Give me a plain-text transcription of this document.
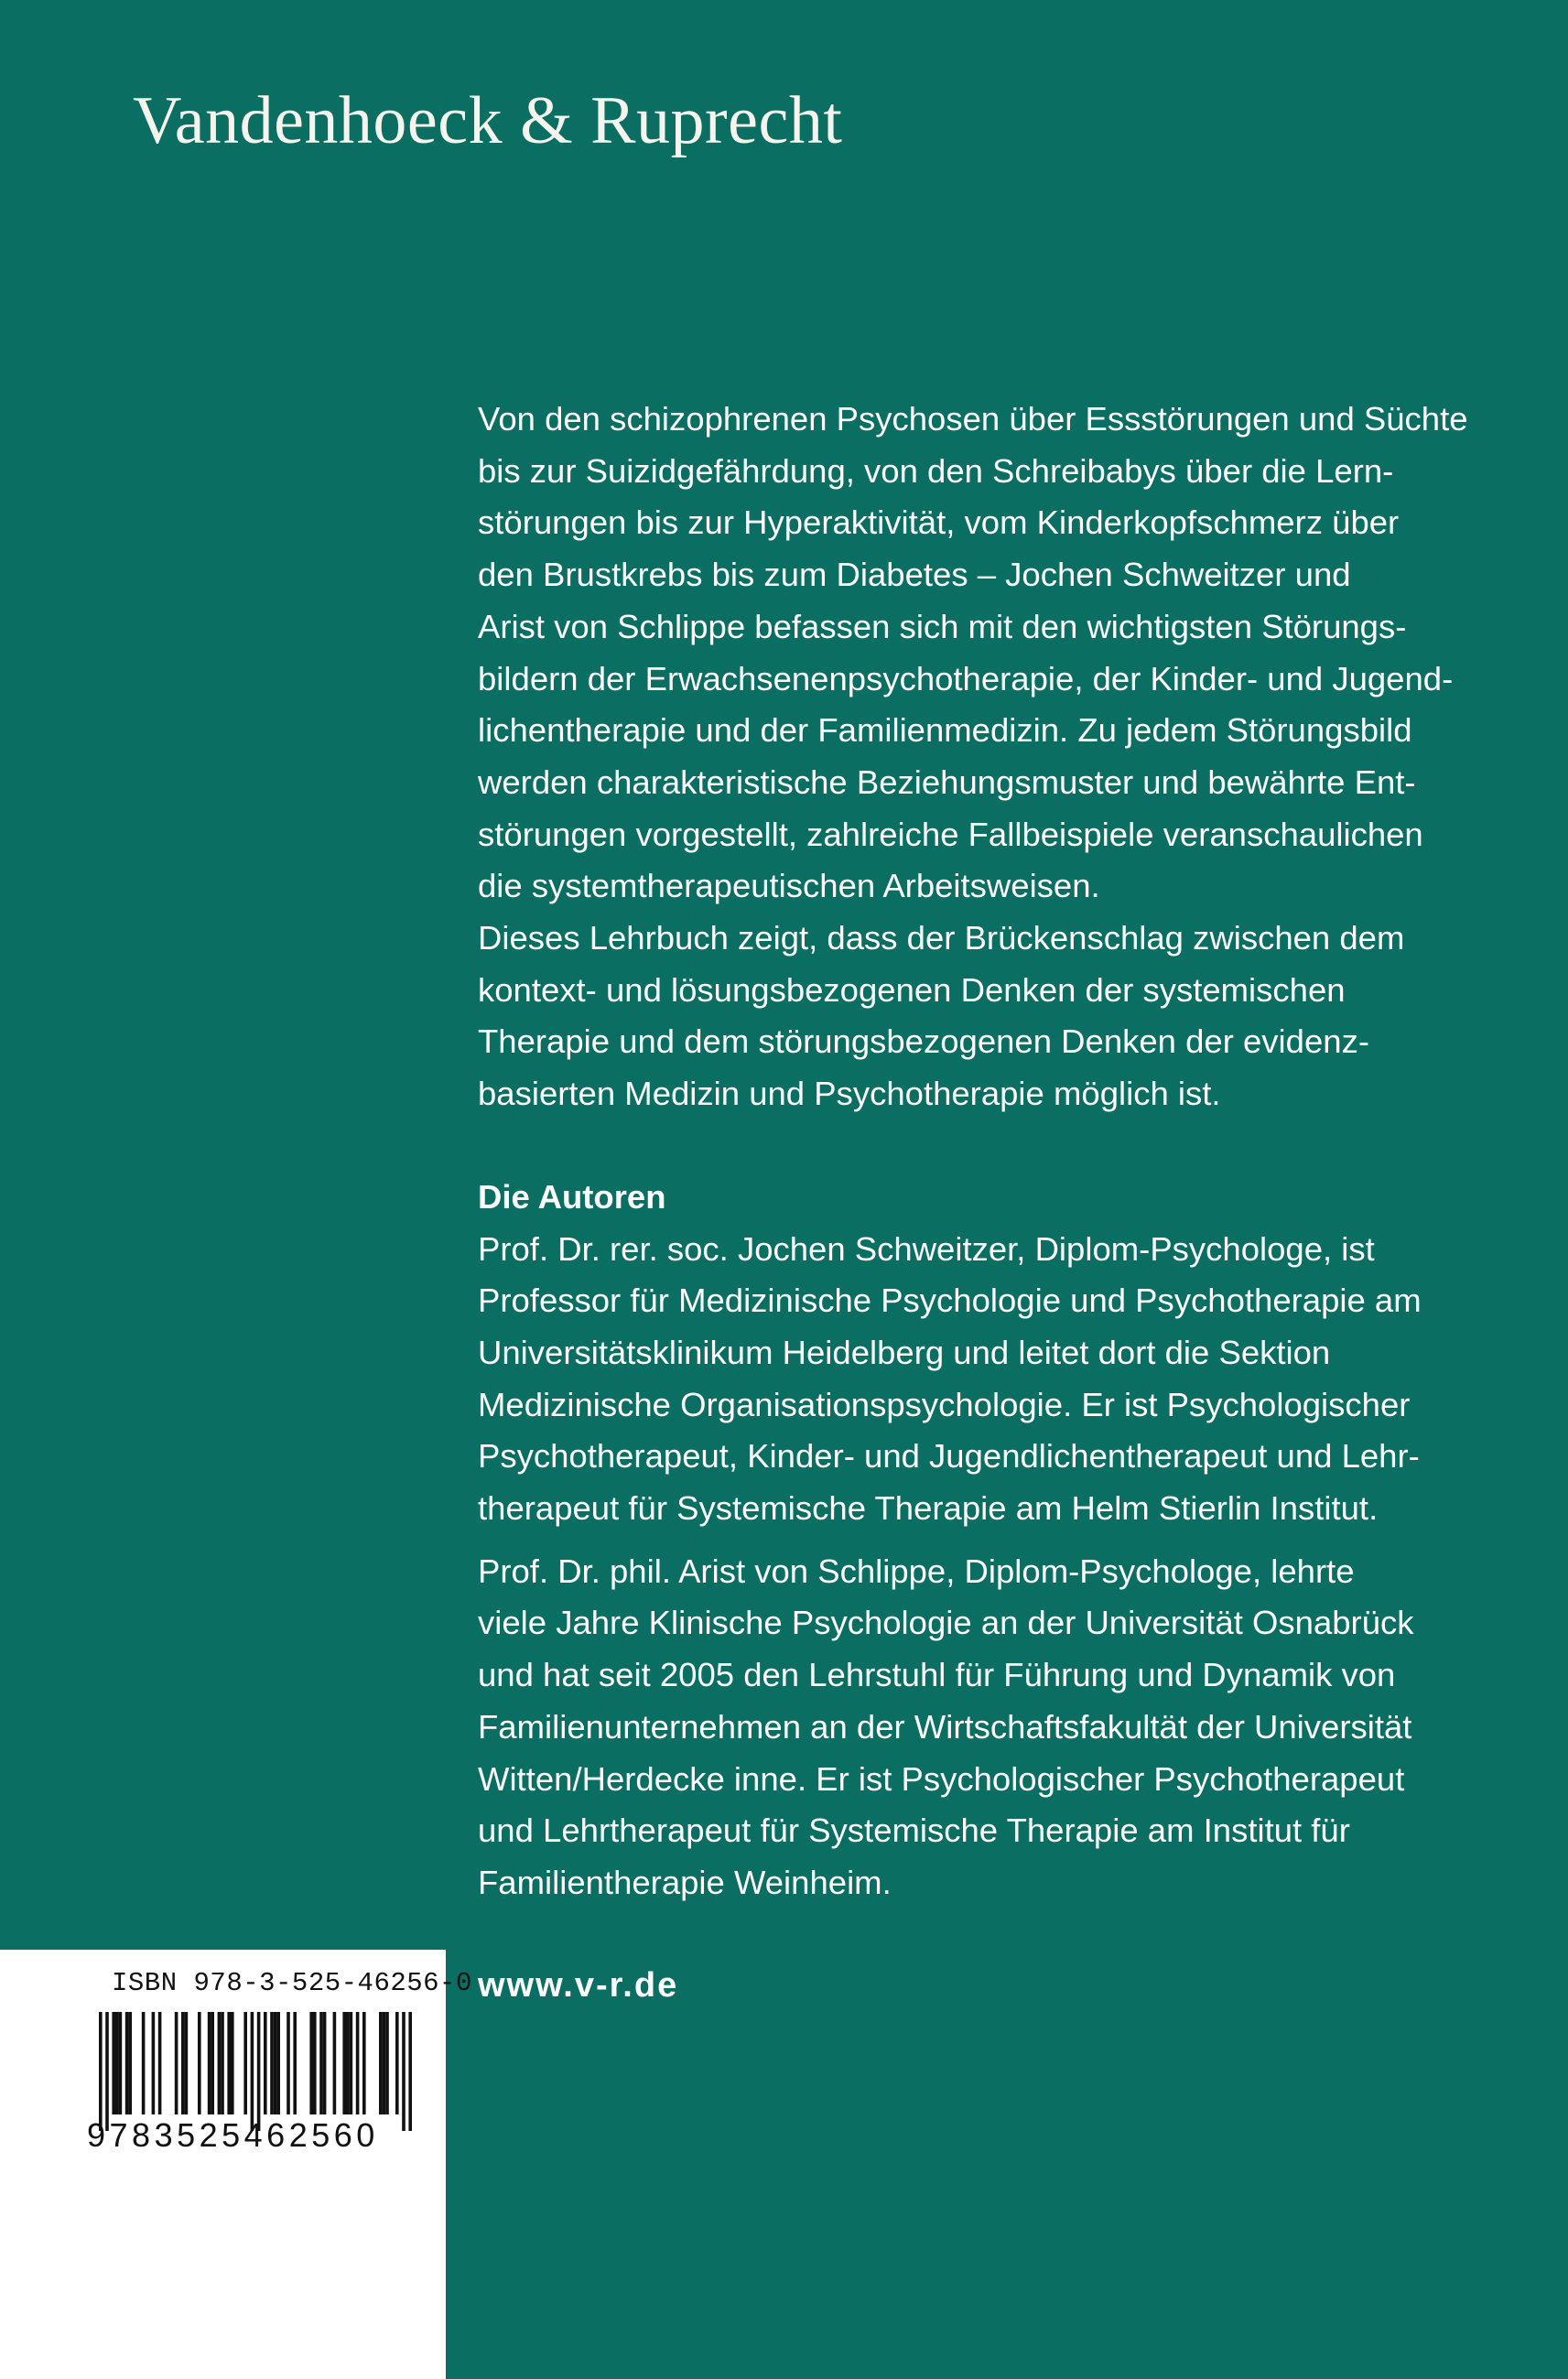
Vandenhoeck & Ruprecht
Von den schizophrenen Psychosen über Essstörungen und Süchte
bis zur Suizidgefährdung, von den Schreibabys über die Lern-
störungen bis zur Hyperaktivität, vom Kinderkopfschmerz über
den Brustkrebs bis zum Diabetes – Jochen Schweitzer und
Arist von Schlippe befassen sich mit den wichtigsten Störungs-
bildern der Erwachsenenpsychotherapie, der Kinder- und Jugend-
lichentherapie und der Familienmedizin. Zu jedem Störungsbild
werden charakteristische Beziehungsmuster und bewährte Ent-
störungen vorgestellt, zahlreiche Fallbeispiele veranschaulichen
die systemtherapeutischen Arbeitsweisen.
Dieses Lehrbuch zeigt, dass der Brückenschlag zwischen dem
kontext- und lösungsbezogenen Denken der systemischen
Therapie und dem störungsbezogenen Denken der evidenz-
basierten Medizin und Psychotherapie möglich ist.
Die Autoren
Prof. Dr. rer. soc. Jochen Schweitzer, Diplom-Psychologe, ist
Professor für Medizinische Psychologie und Psychotherapie am
Universitätsklinikum Heidelberg und leitet dort die Sektion
Medizinische Organisationspsychologie. Er ist Psychologischer
Psychotherapeut, Kinder- und Jugendlichentherapeut und Lehr-
therapeut für Systemische Therapie am Helm Stierlin Institut.
Prof. Dr. phil. Arist von Schlippe, Diplom-Psychologe, lehrte
viele Jahre Klinische Psychologie an der Universität Osnabrück
und hat seit 2005 den Lehrstuhl für Führung und Dynamik von
Familienunternehmen an der Wirtschaftsfakultät der Universität
Witten/Herdecke inne. Er ist Psychologischer Psychotherapeut
und Lehrtherapeut für Systemische Therapie am Institut für
Familientherapie Weinheim.
www.v-r.de
ISBN 978-3-525-46256-0
9783525462560
